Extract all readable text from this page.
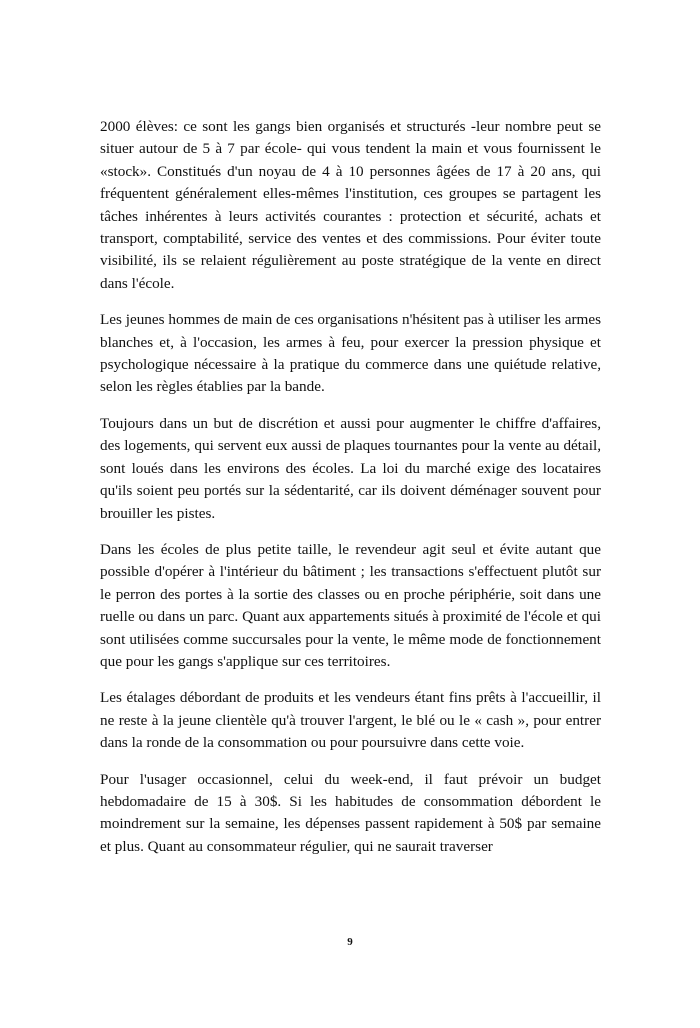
2000 élèves: ce sont les gangs bien organisés et structurés -leur nombre peut se situer autour de 5 à 7 par école- qui vous tendent la main et vous fournissent le «stock». Constitués d'un noyau de 4 à 10 personnes âgées de 17 à 20 ans, qui fréquentent généralement elles-mêmes l'institution, ces groupes se partagent les tâches inhérentes à leurs activités courantes : protection et sécurité, achats et transport, comptabilité, service des ventes et des commissions. Pour éviter toute visibilité, ils se relaient régulièrement au poste stratégique de la vente en direct dans l'école.

Les jeunes hommes de main de ces organisations n'hésitent pas à utiliser les armes blanches et, à l'occasion, les armes à feu, pour exercer la pression physique et psychologique nécessaire à la pratique du commerce dans une quiétude relative, selon les règles établies par la bande.

Toujours dans un but de discrétion et aussi pour augmenter le chiffre d'affaires, des logements, qui servent eux aussi de plaques tournantes pour la vente au détail, sont loués dans les environs des écoles. La loi du marché exige des locataires qu'ils soient peu portés sur la sédentarité, car ils doivent déménager souvent pour brouiller les pistes.

Dans les écoles de plus petite taille, le revendeur agit seul et évite autant que possible d'opérer à l'intérieur du bâtiment ; les transactions s'effectuent plutôt sur le perron des portes à la sortie des classes ou en proche périphérie, soit dans une ruelle ou dans un parc. Quant aux appartements situés à proximité de l'école et qui sont utilisées comme succursales pour la vente, le même mode de fonctionnement que pour les gangs s'applique sur ces territoires.

Les étalages débordant de produits et les vendeurs étant fins prêts à l'accueillir, il ne reste à la jeune clientèle qu'à trouver l'argent, le blé ou le « cash », pour entrer dans la ronde de la consommation ou pour poursuivre dans cette voie.

Pour l'usager occasionnel, celui du week-end, il faut prévoir un budget hebdomadaire de 15 à 30$. Si les habitudes de consommation débordent le moindrement sur la semaine, les dépenses passent rapidement à 50$ par semaine et plus. Quant au consommateur régulier, qui ne saurait traverser

9
